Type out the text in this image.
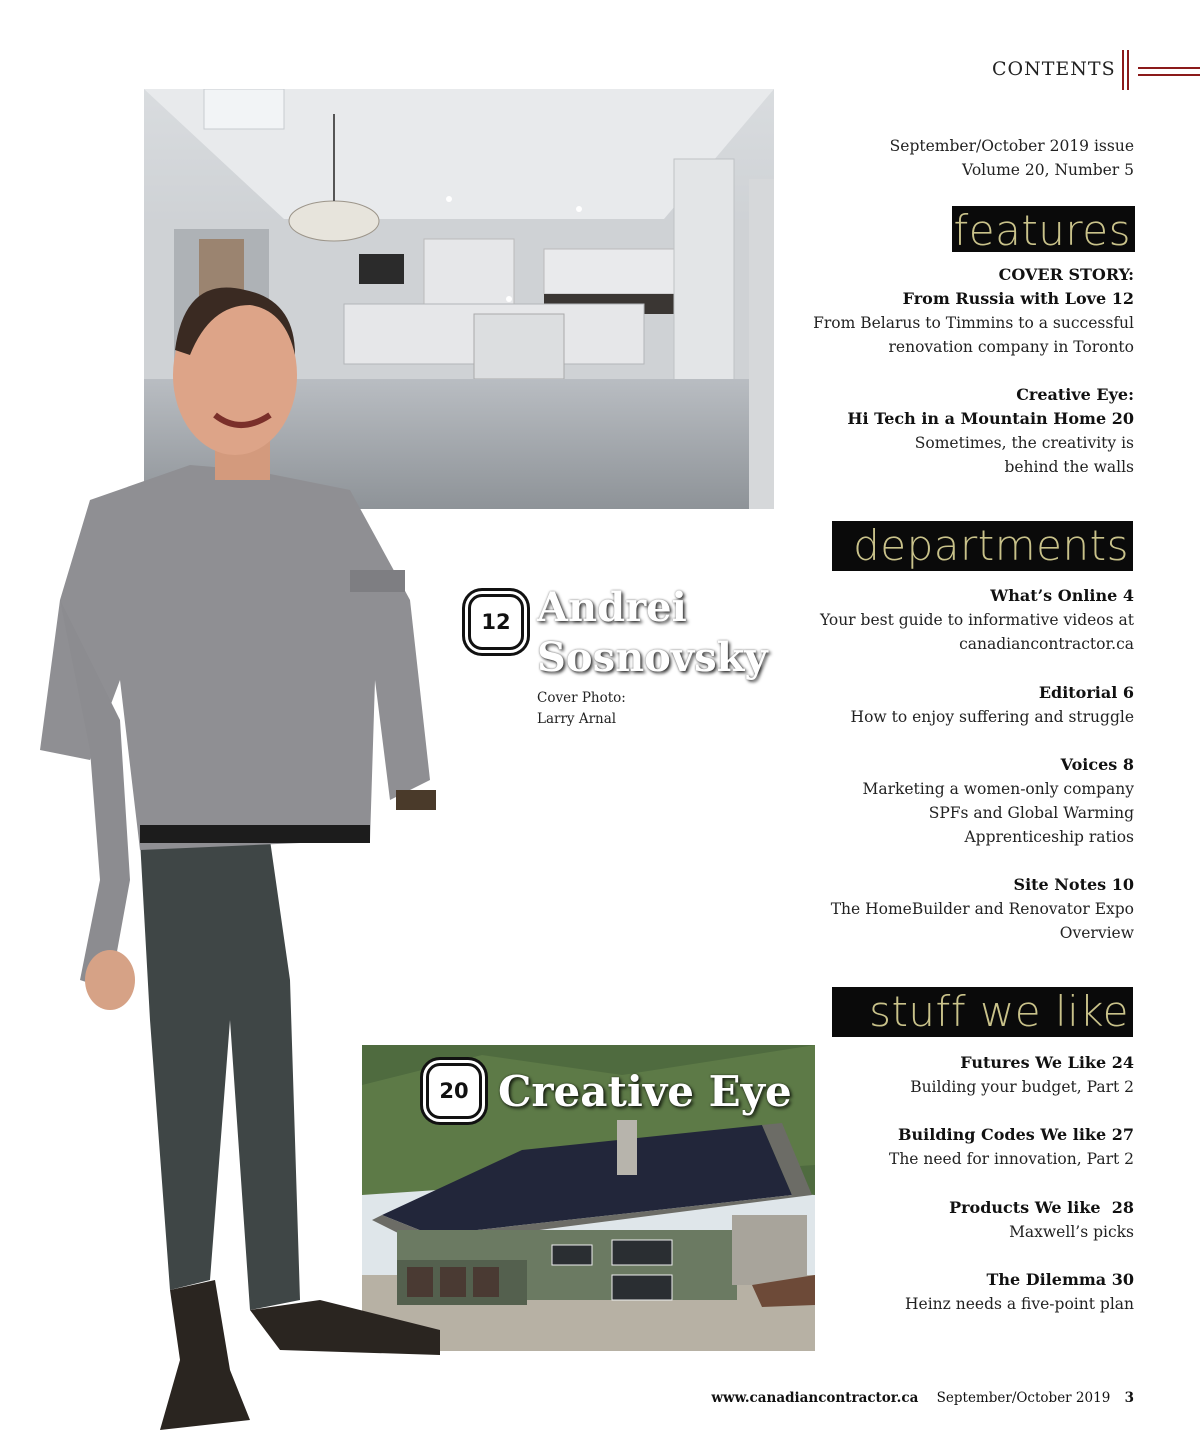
CONTENTS
September/October 2019 issue
Volume 20, Number 5
12 Andrei
Sosnovsky
Cover Photo:
Larry Arnal
20 Creative Eye
features
COVER STORY:
From Russia with Love 12
From Belarus to Timmins to a successful
renovation company in Toronto
Creative Eye:
Hi Tech in a Mountain Home 20
Sometimes, the creativity is
behind the walls
departments
What’s Online 4
Your best guide to informative videos at
canadiancontractor.ca
Editorial 6
How to enjoy suffering and struggle
Voices 8
Marketing a women-only company
SPFs and Global Warming
Apprenticeship ratios
Site Notes 10
The HomeBuilder and Renovator Expo
Overview
stuff we like
Futures We Like 24
Building your budget, Part 2
Building Codes We like 27
The need for innovation, Part 2
Products We like  28
Maxwell’s picks
The Dilemma 30
Heinz needs a five-point plan
www.canadiancontractor.ca September/October 2019 3
